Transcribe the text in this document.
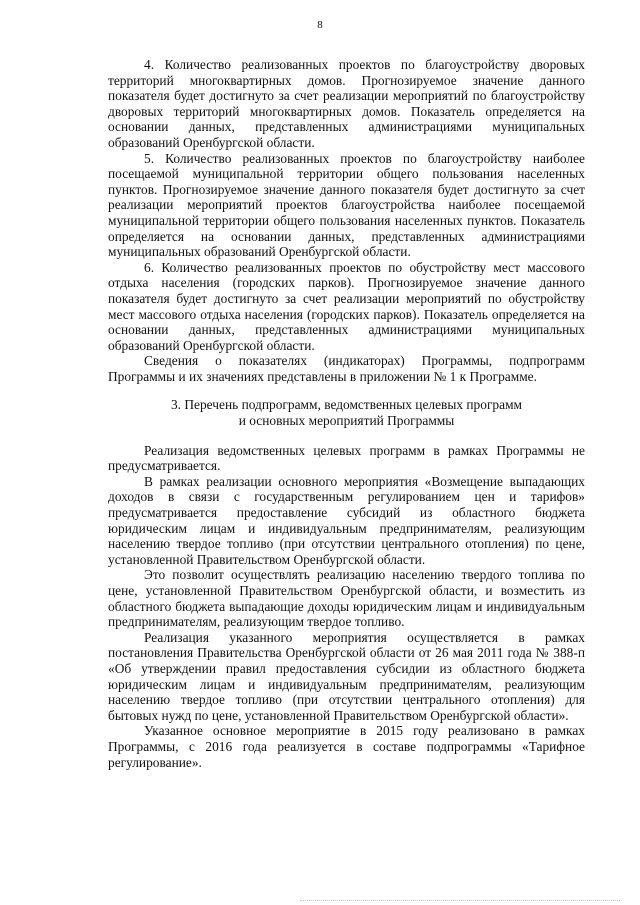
8

4. Количество реализованных проектов по благоустройству дворовых территорий многоквартирных домов. Прогнозируемое значение данного показателя будет достигнуто за счет реализации мероприятий по благоустройству дворовых территорий многоквартирных домов. Показатель определяется на основании данных, представленных администрациями муниципальных образований Оренбургской области.

5. Количество реализованных проектов по благоустройству наиболее посещаемой муниципальной территории общего пользования населенных пунктов. Прогнозируемое значение данного показателя будет достигнуто за счет реализации мероприятий проектов благоустройства наиболее посещаемой муниципальной территории общего пользования населенных пунктов. Показатель определяется на основании данных, представленных администрациями муниципальных образований Оренбургской области.

6. Количество реализованных проектов по обустройству мест массового отдыха населения (городских парков). Прогнозируемое значение данного показателя будет достигнуто за счет реализации мероприятий по обустройству мест массового отдыха населения (городских парков). Показатель определяется на основании данных, представленных администрациями муниципальных образований Оренбургской области.

Сведения о показателях (индикаторах) Программы, подпрограмм Программы и их значениях представлены в приложении № 1 к Программе.

3. Перечень подпрограмм, ведомственных целевых программ
и основных мероприятий Программы

Реализация ведомственных целевых программ в рамках Программы не предусматривается.

В рамках реализации основного мероприятия «Возмещение выпадающих доходов в связи с государственным регулированием цен и тарифов» предусматривается предоставление субсидий из областного бюджета юридическим лицам и индивидуальным предпринимателям, реализующим населению твердое топливо (при отсутствии центрального отопления) по цене, установленной Правительством Оренбургской области.

Это позволит осуществлять реализацию населению твердого топлива по цене, установленной Правительством Оренбургской области, и возместить из областного бюджета выпадающие доходы юридическим лицам и индивидуальным предпринимателям, реализующим твердое топливо.

Реализация указанного мероприятия осуществляется в рамках постановления Правительства Оренбургской области от 26 мая 2011 года № 388-п «Об утверждении правил предоставления субсидии из областного бюджета юридическим лицам и индивидуальным предпринимателям, реализующим населению твердое топливо (при отсутствии центрального отопления) для бытовых нужд по цене, установленной Правительством Оренбургской области».

Указанное основное мероприятие в 2015 году реализовано в рамках Программы, с 2016 года реализуется в составе подпрограммы «Тарифное регулирование».
